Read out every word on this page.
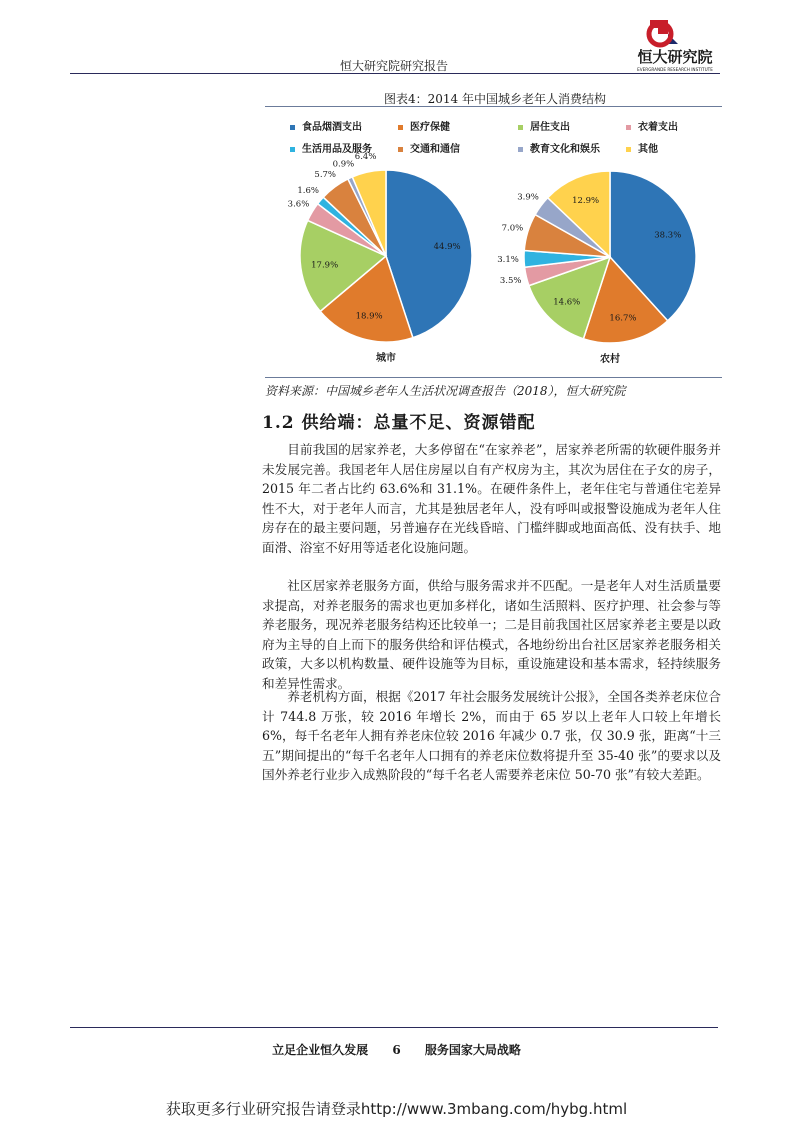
恒大研究院研究报告	恒大研究院
EVERGRANDE RESEARCH INSTITUTE
图表4：2014 年中国城乡老年人消费结构
食品烟酒支出	医疗保健	居住支出	衣着支出
生活用品及服务	交通和通信	教育文化和娱乐	其他
44.9%
18.9%
17.9%
3.6%
1.6%
5.7%
0.9%
6.4%
城市
38.3%
16.7%
14.6%
3.5%
3.1%
7.0%
3.9%	12.9%
农村
资料来源：中国城乡老年人生活状况调查报告（2018），恒大研究院
1.2 供给端：总量不足、资源错配
目前我国的居家养老，大多停留在“在家养老”，居家养老所需的软硬件服务并未发展完善。我国老年人居住房屋以自有产权房为主，其次为居住在子女的房子，2015 年二者占比约 63.6%和 31.1%。在硬件条件上，老年住宅与普通住宅差异性不大，对于老年人而言，尤其是独居老年人，没有呼叫或报警设施成为老年人住房存在的最主要问题，另普遍存在光线昏暗、门槛绊脚或地面高低、没有扶手、地面滑、浴室不好用等适老化设施问题。
社区居家养老服务方面，供给与服务需求并不匹配。一是老年人对生活质量要求提高，对养老服务的需求也更加多样化，诸如生活照料、医疗护理、社会参与等养老服务，现况养老服务结构还比较单一；二是目前我国社区居家养老主要是以政府为主导的自上而下的服务供给和评估模式，各地纷纷出台社区居家养老服务相关政策，大多以机构数量、硬件设施等为目标，重设施建设和基本需求，轻持续服务和差异性需求。
养老机构方面，根据《2017 年社会服务发展统计公报》，全国各类养老床位合计 744.8 万张，较 2016 年增长 2%，而由于 65 岁以上老年人口较上年增长 6%，每千名老年人拥有养老床位较 2016 年减少 0.7 张，仅 30.9 张，距离“十三五”期间提出的“每千名老年人口拥有的养老床位数将提升至 35-40 张”的要求以及国外养老行业步入成熟阶段的“每千名老人需要养老床位 50-70 张”有较大差距。
立足企业恒久发展 6 服务国家大局战略
获取更多行业研究报告请登录http://www.3mbang.com/hybg.html
